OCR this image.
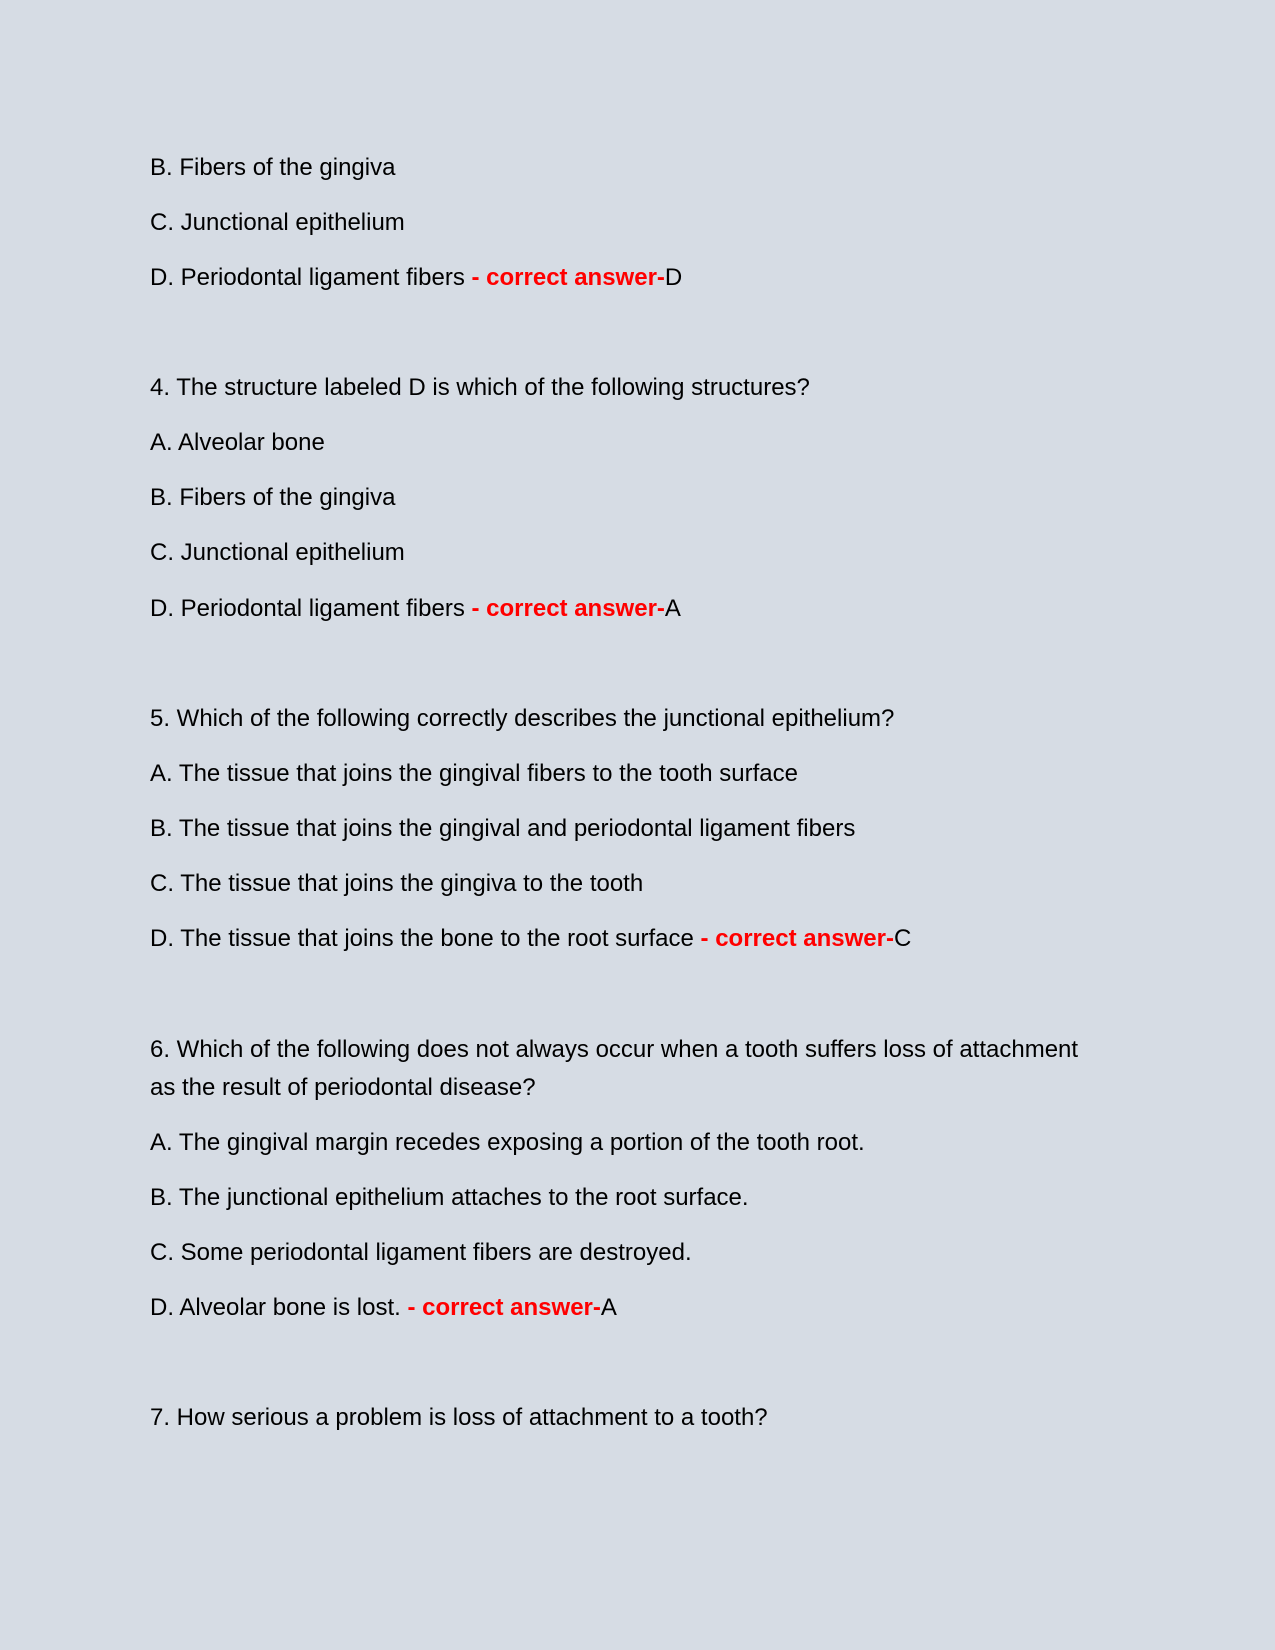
B. Fibers of the gingiva
C. Junctional epithelium
D. Periodontal ligament fibers - correct answer-D
4. The structure labeled D is which of the following structures?
A. Alveolar bone
B. Fibers of the gingiva
C. Junctional epithelium
D. Periodontal ligament fibers - correct answer-A
5. Which of the following correctly describes the junctional epithelium?
A. The tissue that joins the gingival fibers to the tooth surface
B. The tissue that joins the gingival and periodontal ligament fibers
C. The tissue that joins the gingiva to the tooth
D. The tissue that joins the bone to the root surface - correct answer-C
6. Which of the following does not always occur when a tooth suffers loss of attachment as the result of periodontal disease?
A. The gingival margin recedes exposing a portion of the tooth root.
B. The junctional epithelium attaches to the root surface.
C. Some periodontal ligament fibers are destroyed.
D. Alveolar bone is lost. - correct answer-A
7. How serious a problem is loss of attachment to a tooth?
